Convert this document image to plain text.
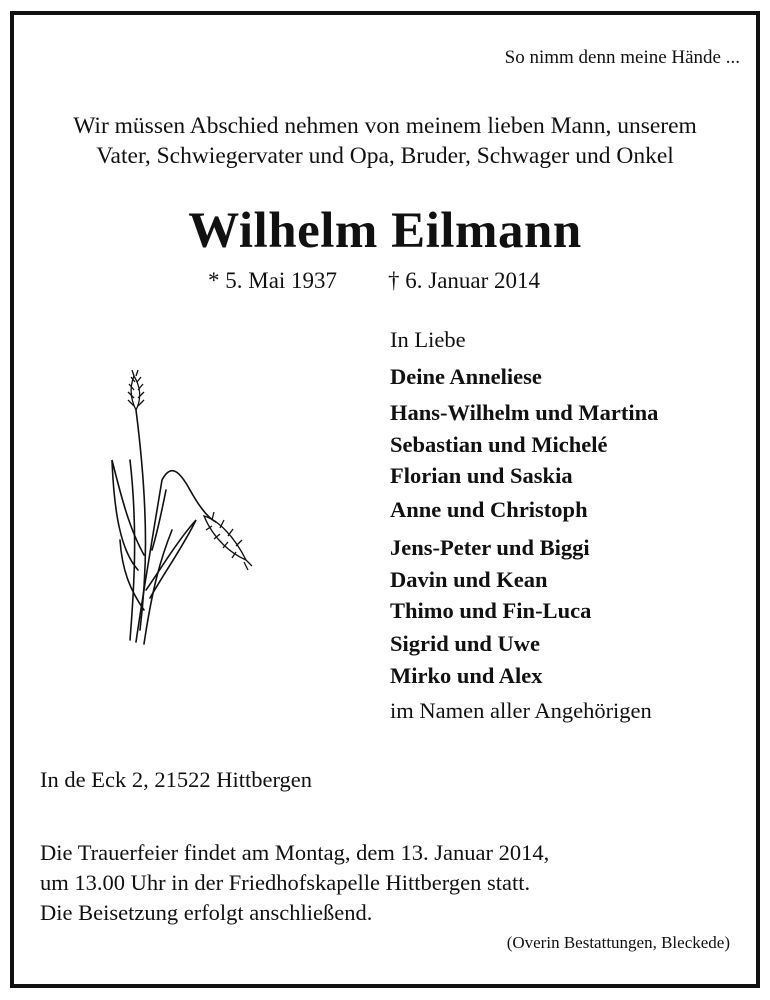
So nimm denn meine Hände ...
Wir müssen Abschied nehmen von meinem lieben Mann, unserem
Vater, Schwiegervater und Opa, Bruder, Schwager und Onkel
Wilhelm Eilmann
* 5. Mai 1937 † 6. Januar 2014
In Liebe
Deine Anneliese
Hans-Wilhelm und Martina
Sebastian und Michelé
Florian und Saskia
Anne und Christoph
Jens-Peter und Biggi
Davin und Kean
Thimo und Fin-Luca
Sigrid und Uwe
Mirko und Alex
im Namen aller Angehörigen
In de Eck 2, 21522 Hittbergen
Die Trauerfeier findet am Montag, dem 13. Januar 2014,
um 13.00 Uhr in der Friedhofskapelle Hittbergen statt.
Die Beisetzung erfolgt anschließend.
(Overin Bestattungen, Bleckede)
